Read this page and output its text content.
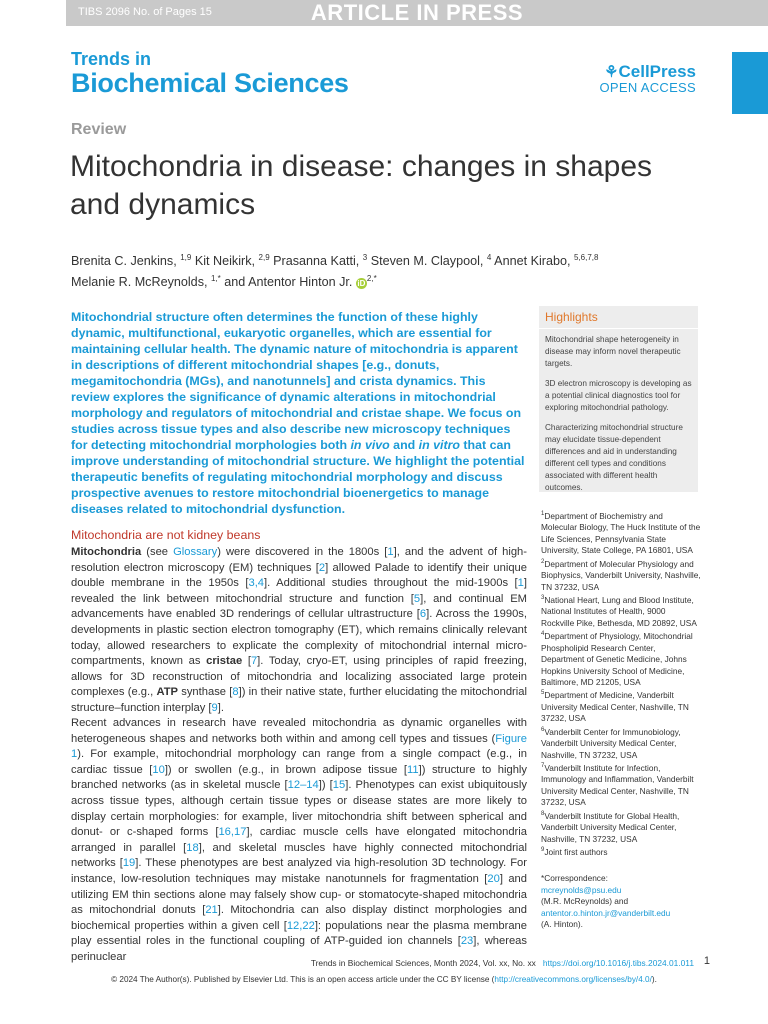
TIBS 2096 No. of Pages 15	ARTICLE IN PRESS
Trends in
Biochemical Sciences	⚘CellPress
OPEN ACCESS
Review
Mitochondria in disease: changes in shapes and dynamics
Brenita C. Jenkins, $^{1,9}$ Kit Neikirk, $^{2,9}$ Prasanna Katti, $^3$ Steven M. Claypool, $^4$ Annet Kirabo, $^{5,6,7,8}$
Melanie R. McReynolds, $^{1,*}$ and Antentor Hinton Jr. iD $^{2,*}$

Mitochondrial structure often determines the function of these highly dynamic, multifunctional, eukaryotic organelles, which are essential for maintaining cellular health. The dynamic nature of mitochondria is apparent in descriptions of different mitochondrial shapes [e.g., donuts, megamitochondria (MGs), and nanotunnels] and crista dynamics. This review explores the significance of dynamic alterations in mitochondrial morphology and regulators of mitochondrial and cristae shape. We focus on studies across tissue types and also describe new microscopy techniques for detecting mitochondrial morphologies both in vivo and in vitro that can improve understanding of mitochondrial structure. We highlight the potential therapeutic benefits of regulating mitochondrial morphology and discuss prospective avenues to restore mitochondrial bioenergetics to manage diseases related to mitochondrial dysfunction.

Highlights

Mitochondrial shape heterogeneity in disease may inform novel therapeutic targets.

3D electron microscopy is developing as a potential clinical diagnostics tool for exploring mitochondrial pathology.

Characterizing mitochondrial structure may elucidate tissue-dependent differences and aid in understanding different cell types and conditions associated with different health outcomes.

Mitochondria are not kidney beans

Mitochondria (see Glossary) were discovered in the 1800s [1], and the advent of high-resolution electron microscopy (EM) techniques [2] allowed Palade to identify their unique double membrane in the 1950s [3,4]. Additional studies throughout the mid-1900s [1] revealed the link between mitochondrial structure and function [5], and continual EM advancements have enabled 3D renderings of cellular ultrastructure [6]. Across the 1990s, developments in plastic section electron tomography (ET), which remains clinically relevant today, allowed researchers to explicate the complexity of mitochondrial internal micro-compartments, known as cristae [7]. Today, cryo-ET, using principles of rapid freezing, allows for 3D reconstruction of mitochondria and localizing associated large protein complexes (e.g., ATP synthase [8]) in their native state, further elucidating the mitochondrial structure–function interplay [9].

Recent advances in research have revealed mitochondria as dynamic organelles with heterogeneous shapes and networks both within and among cell types and tissues (Figure 1). For example, mitochondrial morphology can range from a single compact (e.g., in cardiac tissue [10]) or swollen (e.g., in brown adipose tissue [11]) structure to highly branched networks (as in skeletal muscle [12–14]) [15]. Phenotypes can exist ubiquitously across tissue types, although certain tissue types or disease states are more likely to display certain morphologies: for example, liver mitochondria shift between spherical and donut- or c-shaped forms [16,17], cardiac muscle cells have elongated mitochondria arranged in parallel [18], and skeletal muscles have highly connected mitochondrial networks [19]. These phenotypes are best analyzed via high-resolution 3D technology. For instance, low-resolution techniques may mistake nanotunnels for fragmentation [20] and utilizing EM thin sections alone may falsely show cup- or stomatocyte-shaped mitochondria as mitochondrial donuts [21]. Mitochondria can also display distinct morphologies and biochemical properties within a given cell [12,22]: populations near the plasma membrane play essential roles in the functional coupling of ATP-guided ion channels [23], whereas perinuclear

$^1$Department of Biochemistry and Molecular Biology, The Huck Institute of the Life Sciences, Pennsylvania State University, State College, PA 16801, USA
$^2$Department of Molecular Physiology and Biophysics, Vanderbilt University, Nashville, TN 37232, USA
$^3$National Heart, Lung and Blood Institute, National Institutes of Health, 9000 Rockville Pike, Bethesda, MD 20892, USA
$^4$Department of Physiology, Mitochondrial Phospholipid Research Center, Department of Genetic Medicine, Johns Hopkins University School of Medicine, Baltimore, MD 21205, USA
$^5$Department of Medicine, Vanderbilt University Medical Center, Nashville, TN 37232, USA
$^6$Vanderbilt Center for Immunobiology, Vanderbilt University Medical Center, Nashville, TN 37232, USA
$^7$Vanderbilt Institute for Infection, Immunology and Inflammation, Vanderbilt University Medical Center, Nashville, TN 37232, USA
$^8$Vanderbilt Institute for Global Health, Vanderbilt University Medical Center, Nashville, TN 37232, USA
$^9$Joint first authors

*Correspondence:
mcreynolds@psu.edu
(M.R. McReynolds) and
antentor.o.hinton.jr@vanderbilt.edu
(A. Hinton).

Trends in Biochemical Sciences, Month 2024, Vol. xx, No. xx https://doi.org/10.1016/j.tibs.2024.01.011 1
© 2024 The Author(s). Published by Elsevier Ltd. This is an open access article under the CC BY license (http://creativecommons.org/licenses/by/4.0/).
